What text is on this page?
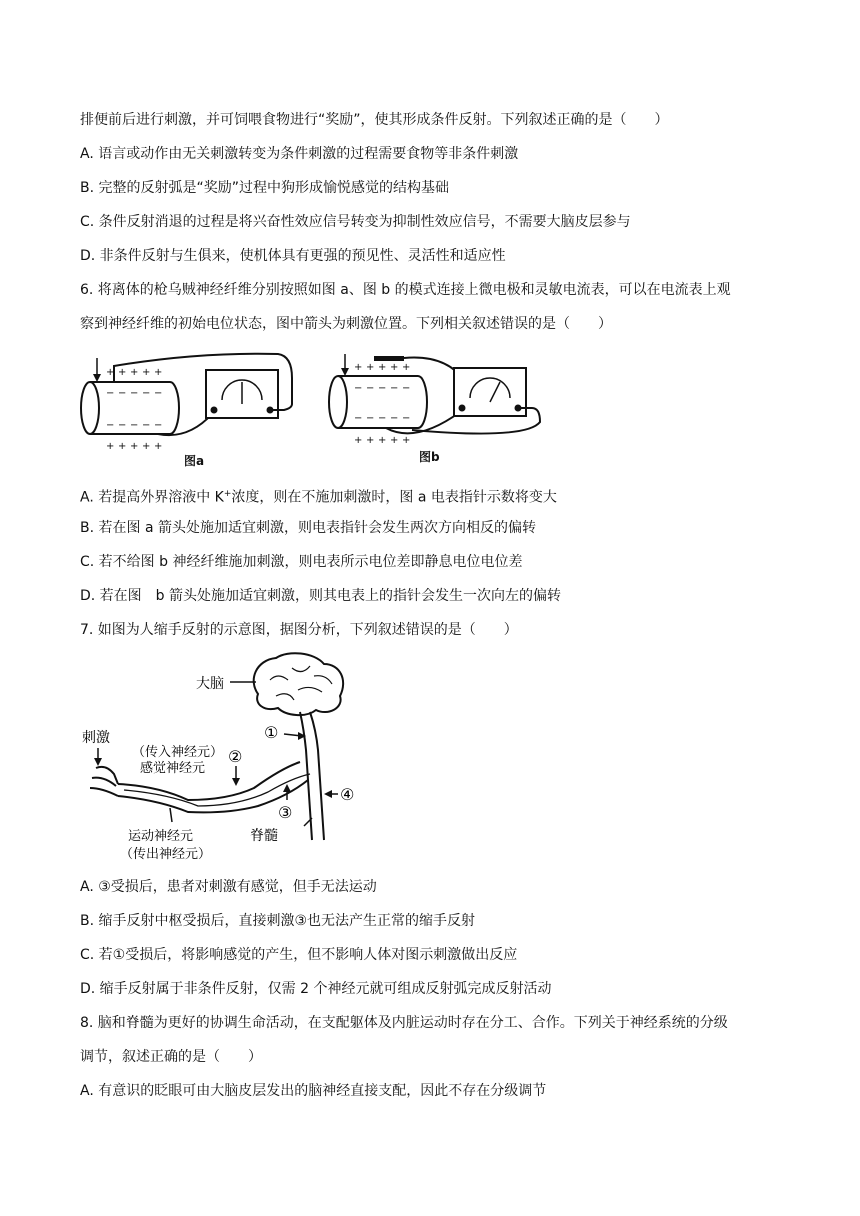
排便前后进行刺激，并可饲喂食物进行“奖励”，使其形成条件反射。下列叙述正确的是（　　）
A. 语言或动作由无关刺激转变为条件刺激的过程需要食物等非条件刺激
B. 完整的反射弧是“奖励”过程中狗形成愉悦感觉的结构基础
C. 条件反射消退的过程是将兴奋性效应信号转变为抑制性效应信号，不需要大脑皮层参与
D. 非条件反射与生俱来，使机体具有更强的预见性、灵活性和适应性
6. 将离体的枪乌贼神经纤维分别按照如图 a、图 b 的模式连接上微电极和灵敏电流表，可以在电流表上观
察到神经纤维的初始电位状态，图中箭头为刺激位置。下列相关叙述错误的是（　　）
+ + + + +
− − − − −
− − − − −
+ + + + +
图a
+ + + + +
− − − − −
− − − − −
+ + + + +
图b
A. 若提高外界溶液中 K+浓度，则在不施加刺激时，图 a 电表指针示数将变大
B. 若在图 a 箭头处施加适宜刺激，则电表指针会发生两次方向相反的偏转
C. 若不给图 b 神经纤维施加刺激，则电表所示电位差即静息电位电位差
D. 若在图　b 箭头处施加适宜刺激，则其电表上的指针会发生一次向左的偏转
7. 如图为人缩手反射的示意图，据图分析，下列叙述错误的是（　　）
大脑
①
刺激
（传入神经元）
感觉神经元
②
③
④
脊髓
运动神经元
（传出神经元）
A. ③受损后，患者对刺激有感觉，但手无法运动
B. 缩手反射中枢受损后，直接刺激③也无法产生正常的缩手反射
C. 若①受损后，将影响感觉的产生，但不影响人体对图示刺激做出反应
D. 缩手反射属于非条件反射，仅需 2 个神经元就可组成反射弧完成反射活动
8. 脑和脊髓为更好的协调生命活动，在支配躯体及内脏运动时存在分工、合作。下列关于神经系统的分级
调节，叙述正确的是（　　）
A. 有意识的眨眼可由大脑皮层发出的脑神经直接支配，因此不存在分级调节
